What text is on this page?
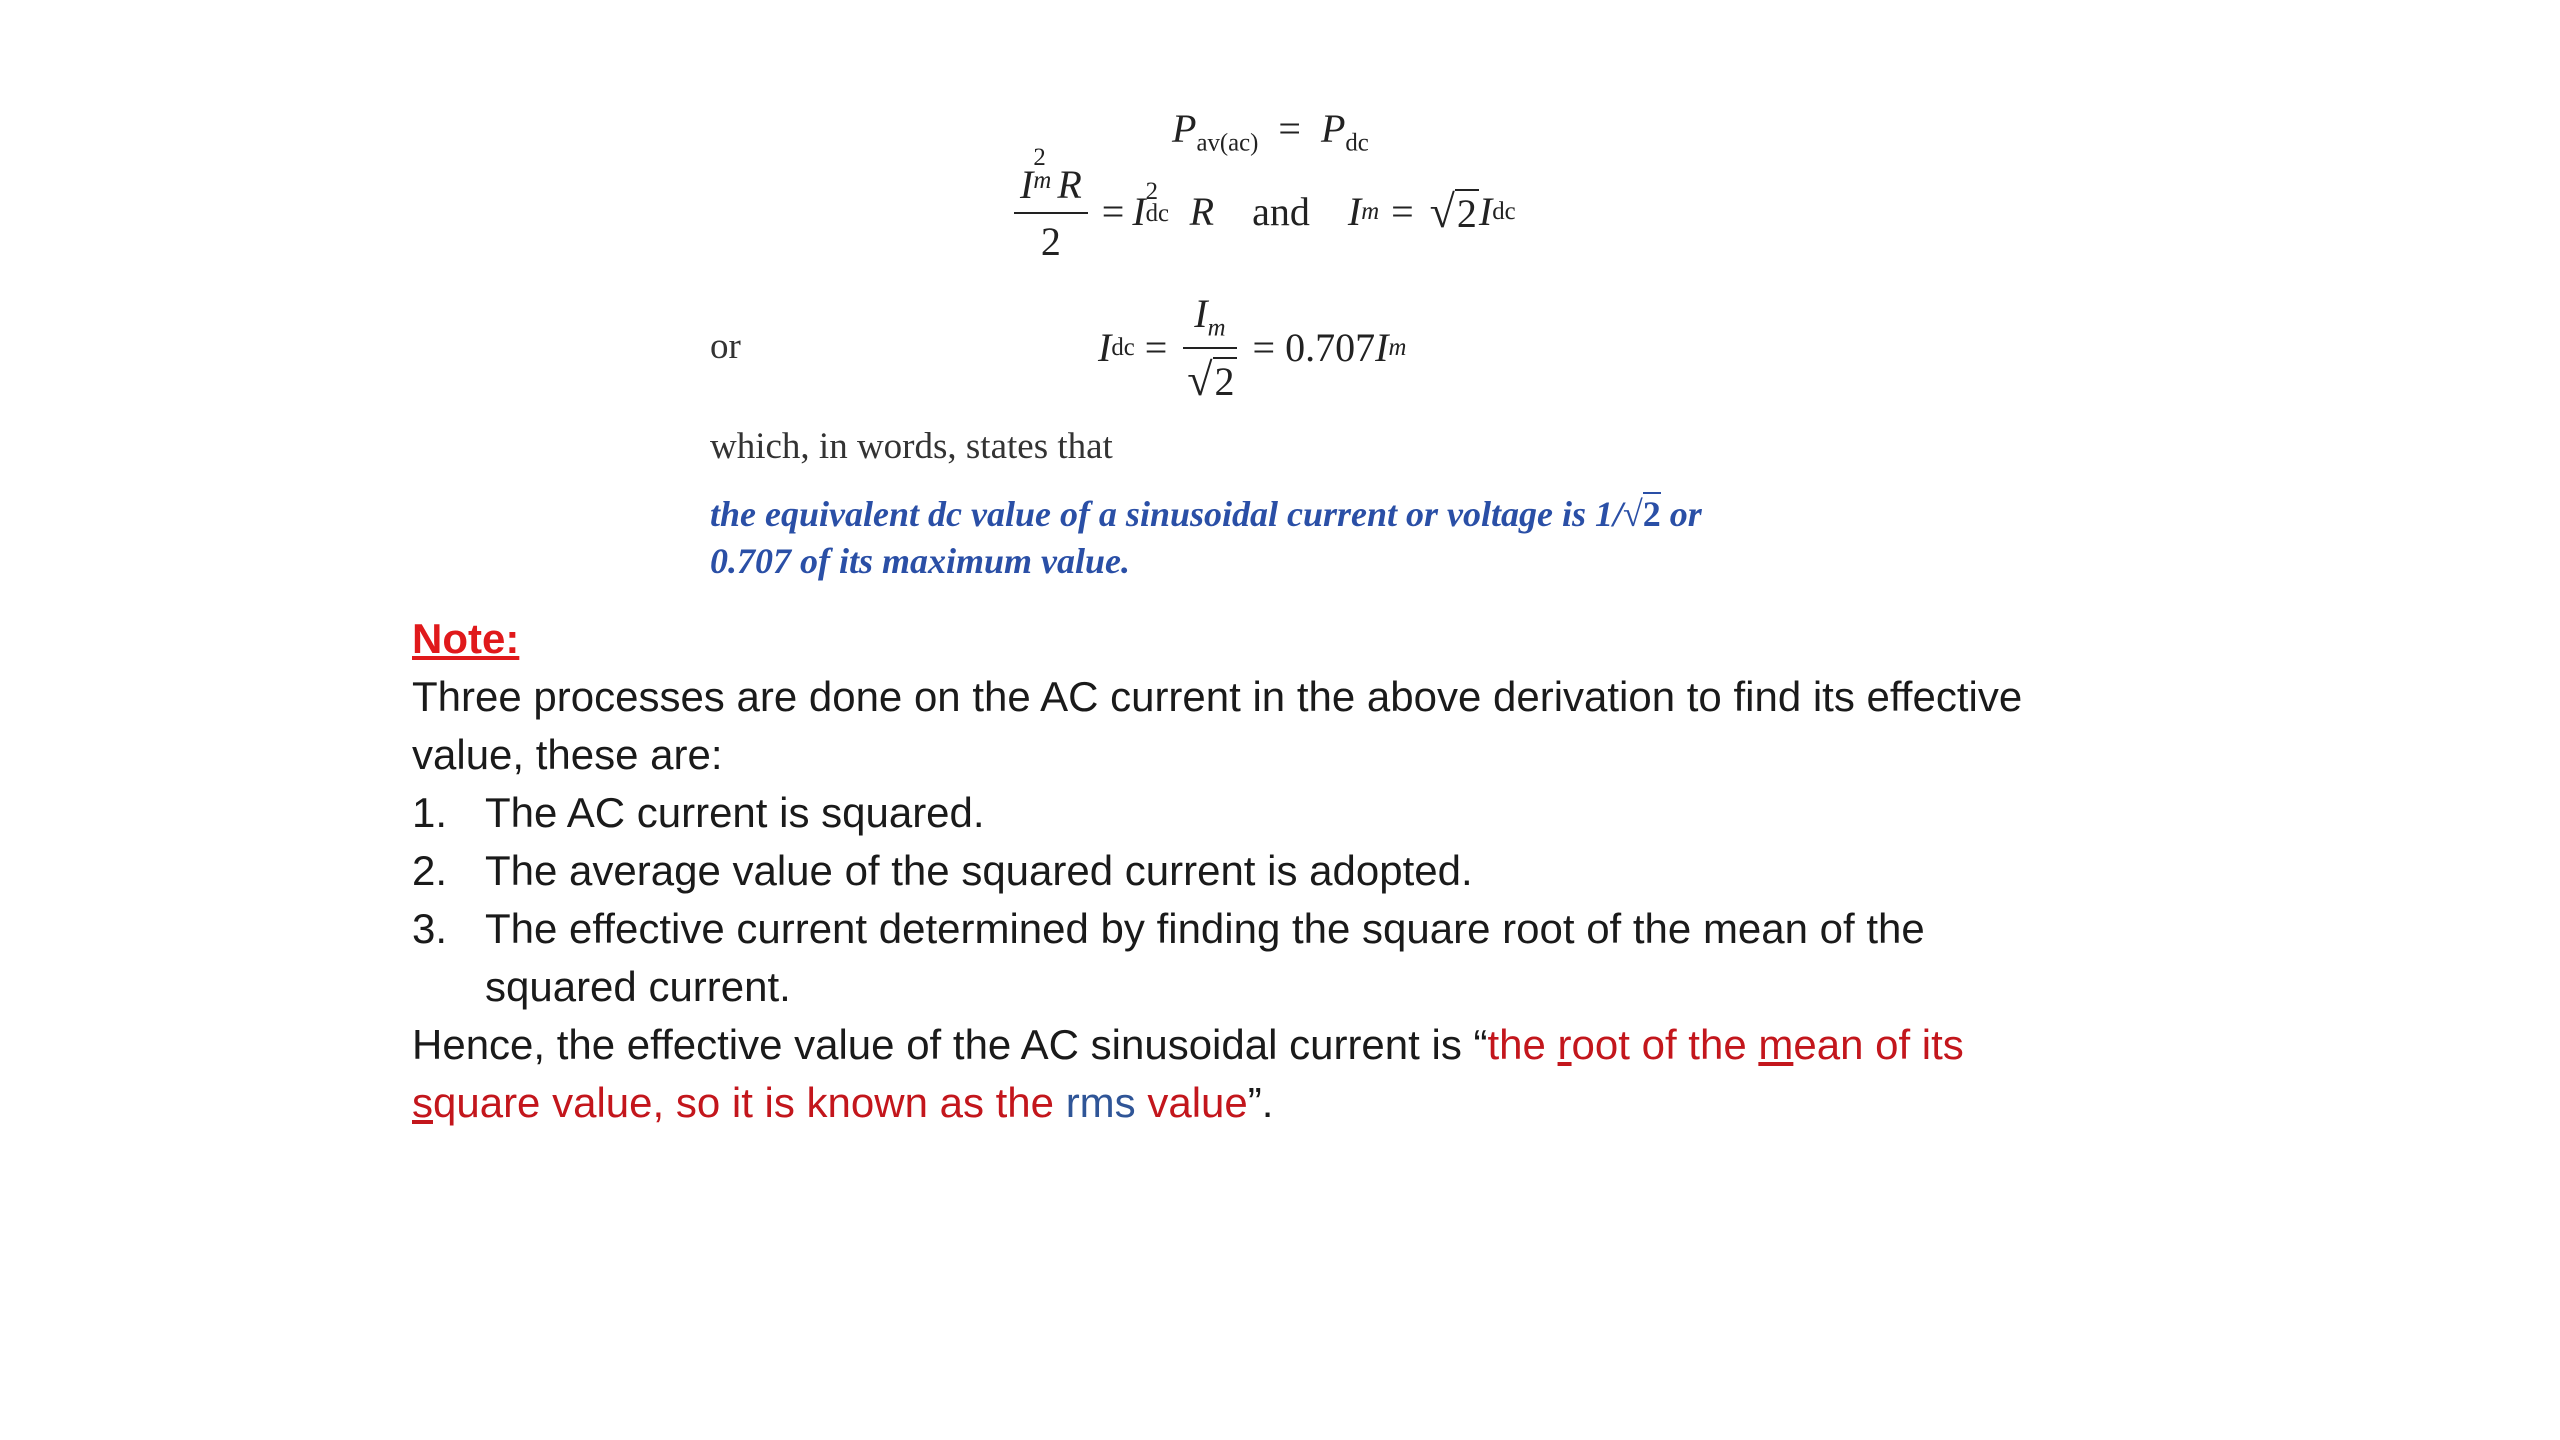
$P_{av(ac)} = P_{dc}$
I
2
m R
2 = I 2
dc R and I m = √2 I dc
or	I dc = $\frac{I_m}{√2} = 0.707$ I m
which, in words, states that
the equivalent dc value of a sinusoidal current or voltage is 1/√2 or
0.707 of its maximum value.
Note:
Three processes are done on the AC current in the above derivation to find its effective
value, these are:
1. The AC current is squared.
2. The average value of the squared current is adopted.
3. The effective current determined by finding the square root of the mean of the
squared current.
Hence, the effective value of the AC sinusoidal current is “the root of the mean of its
square value, so it is known as the rms value”.
